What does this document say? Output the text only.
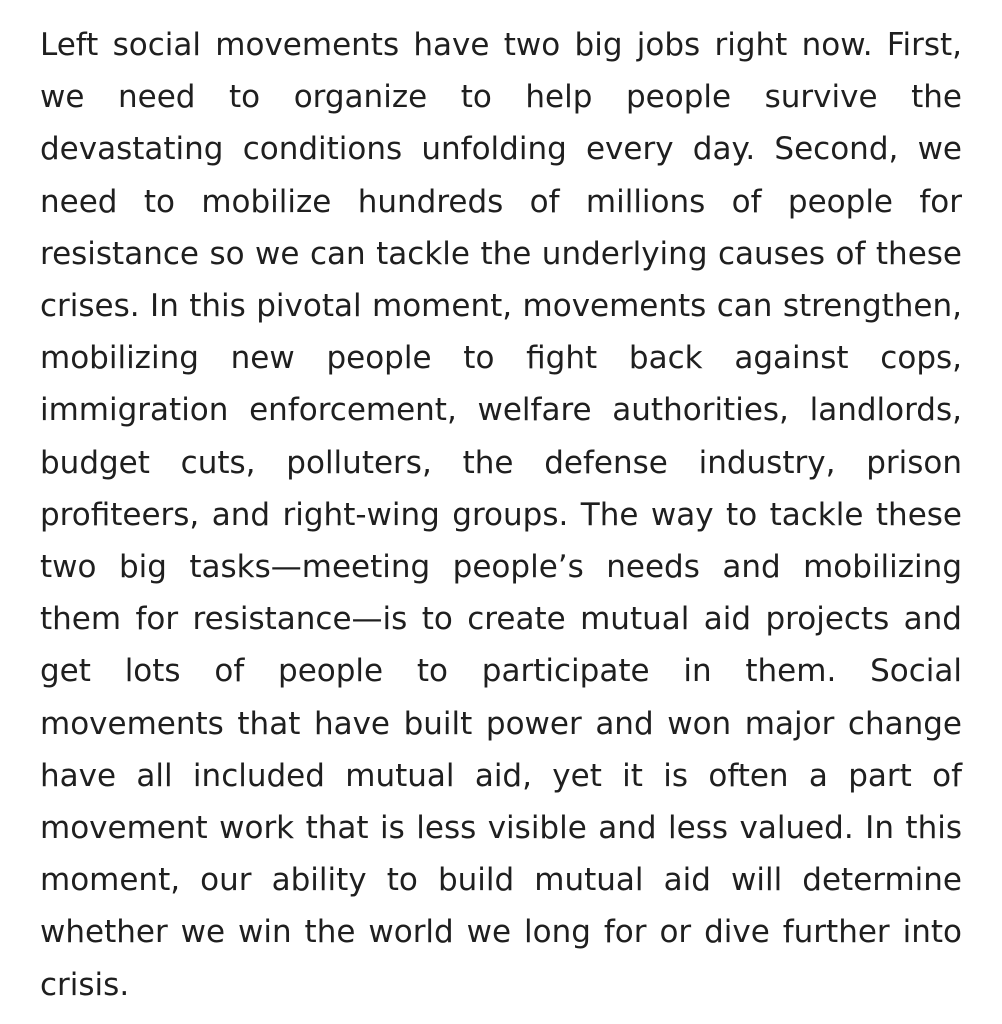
Left social movements have two big jobs right now. First, we need to organize to help people survive the devastating conditions unfolding every day. Second, we need to mobilize hundreds of millions of people for resistance so we can tackle the underlying causes of these crises. In this pivotal moment, movements can strengthen, mobilizing new people to fight back against cops, immigration enforcement, welfare authorities, landlords, budget cuts, polluters, the defense industry, prison profiteers, and right-wing groups. The way to tackle these two big tasks—meeting people’s needs and mobilizing them for resistance—is to create mutual aid projects and get lots of people to participate in them. Social movements that have built power and won major change have all included mutual aid, yet it is often a part of movement work that is less visible and less valued. In this moment, our ability to build mutual aid will determine whether we win the world we long for or dive further into crisis.
